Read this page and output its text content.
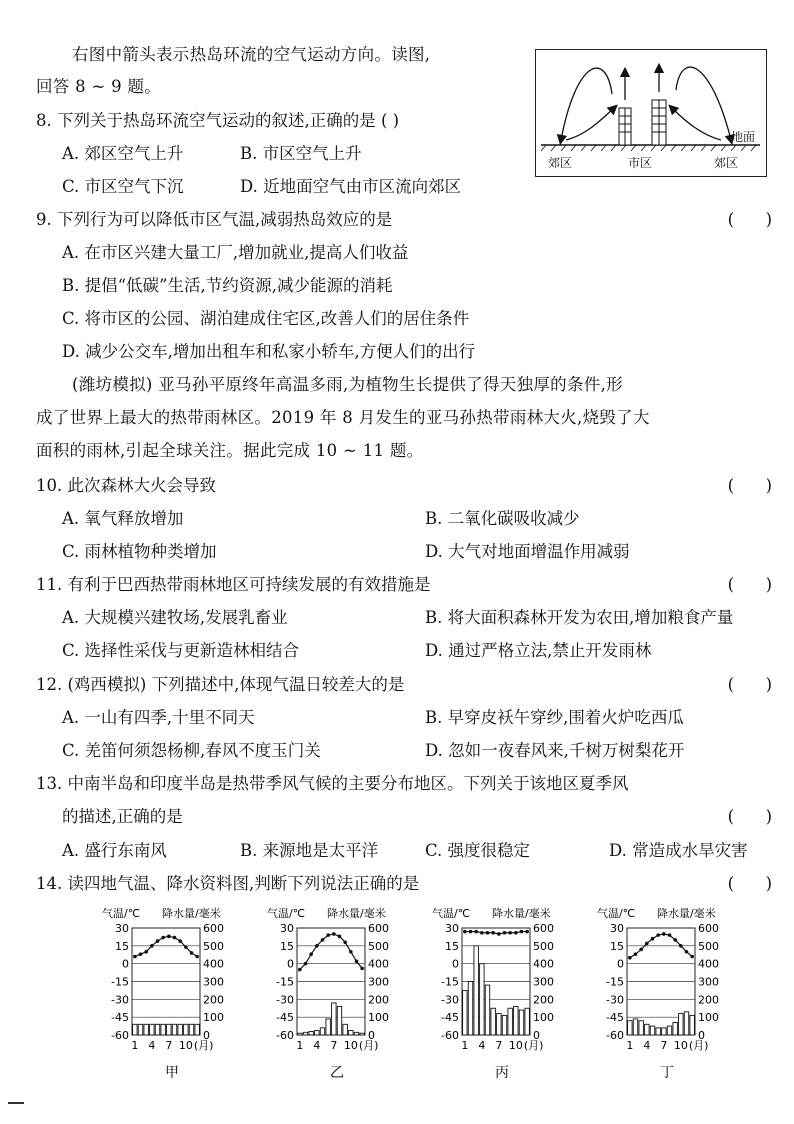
右图中箭头表示热岛环流的空气运动方向。读图,
回答 8 ~ 9 题。
地面
郊区	市区	郊区
8. 下列关于热岛环流空气运动的叙述,正确的是 ( )
A. 郊区空气上升	B. 市区空气上升
C. 市区空气下沉	D. 近地面空气由市区流向郊区
9. 下列行为可以降低市区气温,减弱热岛效应的是	(      )
A. 在市区兴建大量工厂,增加就业,提高人们收益
B. 提倡“低碳”生活,节约资源,减少能源的消耗
C. 将市区的公园、湖泊建成住宅区,改善人们的居住条件
D. 减少公交车,增加出租车和私家小轿车,方便人们的出行
(潍坊模拟) 亚马孙平原终年高温多雨,为植物生长提供了得天独厚的条件,形
成了世界上最大的热带雨林区。2019 年 8 月发生的亚马孙热带雨林大火,烧毁了大
面积的雨林,引起全球关注。据此完成 10 ~ 11 题。
10. 此次森林大火会导致	(      )
A. 氧气释放增加	B. 二氧化碳吸收减少
C. 雨林植物种类增加	D. 大气对地面增温作用减弱
11. 有利于巴西热带雨林地区可持续发展的有效措施是	(      )
A. 大规模兴建牧场,发展乳畜业	B. 将大面积森林开发为农田,增加粮食产量
C. 选择性采伐与更新造林相结合	D. 通过严格立法,禁止开发雨林
12. (鸡西模拟) 下列描述中,体现气温日较差大的是	(      )
A. 一山有四季,十里不同天	B. 早穿皮袄午穿纱,围着火炉吃西瓜
C. 羌笛何须怨杨柳,春风不度玉门关	D. 忽如一夜春风来,千树万树梨花开
13. 中南半岛和印度半岛是热带季风气候的主要分布地区。下列关于该地区夏季风
的描述,正确的是	(      )
A. 盛行东南风	B. 来源地是太平洋	C. 强度很稳定	D. 常造成水旱灾害
14. 读四地气温、降水资料图,判断下列说法正确的是	(      )
气温/℃ 降水量/毫米
30
15
0
-15
-30
-45
-60
600
500
400
300
200
100
0
1 4 7 10 (月)
甲
气温/℃ 降水量/毫米
30
15
0
-15
-30
-45
-60
600
500
400
300
200
100
0
1 4 7 10 (月)
乙
气温/℃ 降水量/毫米
30
15
0
-15
-30
-45
-60
600
500
400
300
200
100
0
1 4 7 10 (月)
丙
气温/℃ 降水量/毫米
30
15
0
-15
-30
-45
-60
600
500
400
300
200
100
0
1 4 7 10 (月)
丁
